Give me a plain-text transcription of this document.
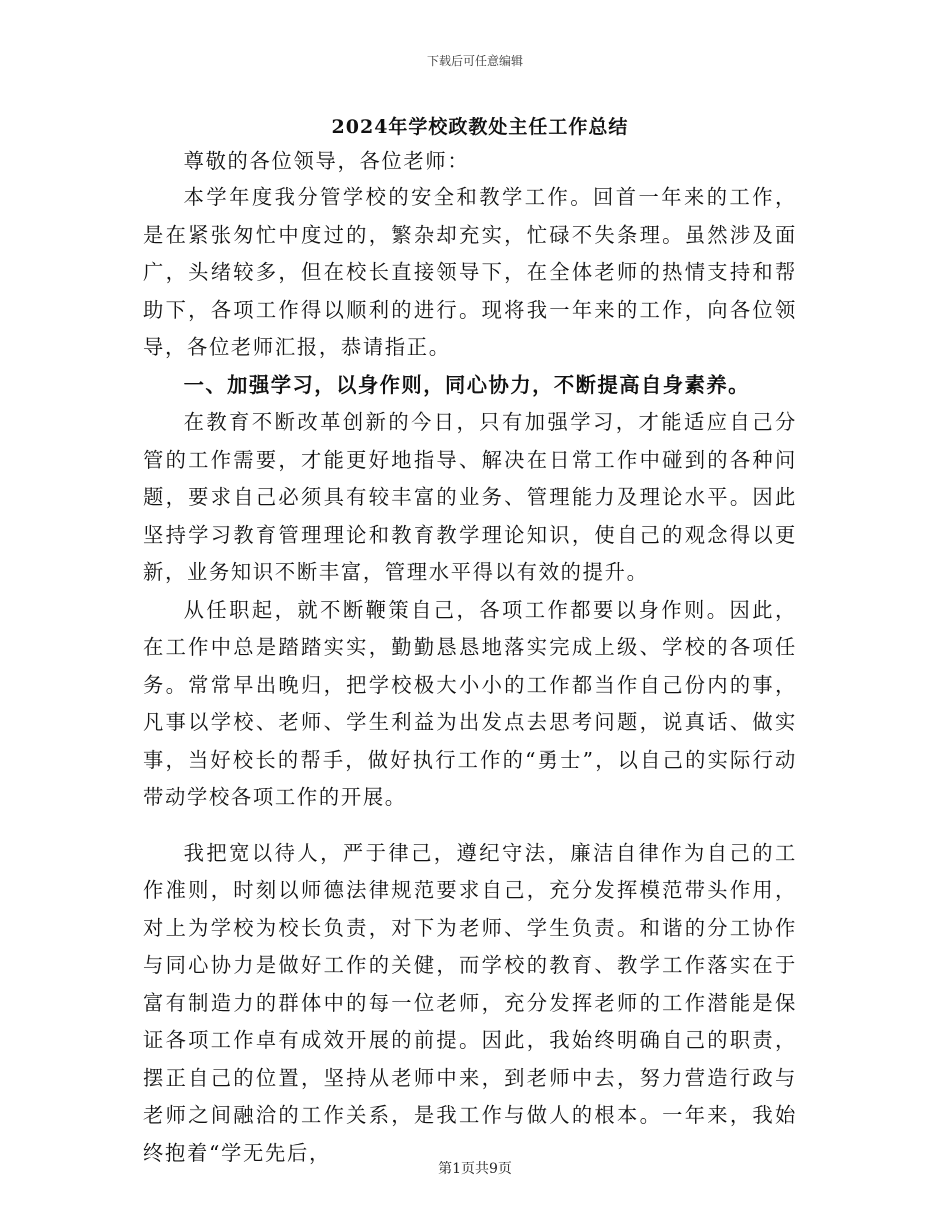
下载后可任意编辑
2024年学校政教处主任工作总结

尊敬的各位领导，各位老师：

本学年度我分管学校的安全和教学工作。回首一年来的工作，是在紧张匆忙中度过的，繁杂却充实，忙碌不失条理。虽然涉及面广，头绪较多，但在校长直接领导下，在全体老师的热情支持和帮助下，各项工作得以顺利的进行。现将我一年来的工作，向各位领导，各位老师汇报，恭请指正。

一、加强学习，以身作则，同心协力，不断提高自身素养。

在教育不断改革创新的今日，只有加强学习，才能适应自己分管的工作需要，才能更好地指导、解决在日常工作中碰到的各种问题，要求自己必须具有较丰富的业务、管理能力及理论水平。因此坚持学习教育管理理论和教育教学理论知识，使自己的观念得以更新，业务知识不断丰富，管理水平得以有效的提升。

从任职起，就不断鞭策自己，各项工作都要以身作则。因此，在工作中总是踏踏实实，勤勤恳恳地落实完成上级、学校的各项任务。常常早出晚归，把学校极大小小的工作都当作自己份内的事，凡事以学校、老师、学生利益为出发点去思考问题，说真话、做实事，当好校长的帮手，做好执行工作的“勇士”，以自己的实际行动带动学校各项工作的开展。

我把宽以待人，严于律己，遵纪守法，廉洁自律作为自己的工作准则，时刻以师德法律规范要求自己，充分发挥模范带头作用，对上为学校为校长负责，对下为老师、学生负责。和谐的分工协作与同心协力是做好工作的关健，而学校的教育、教学工作落实在于富有制造力的群体中的每一位老师，充分发挥老师的工作潜能是保证各项工作卓有成效开展的前提。因此，我始终明确自己的职责，摆正自己的位置，坚持从老师中来，到老师中去，努力营造行政与老师之间融洽的工作关系，是我工作与做人的根本。一年来，我始终抱着“学无先后，

第1页共9页
